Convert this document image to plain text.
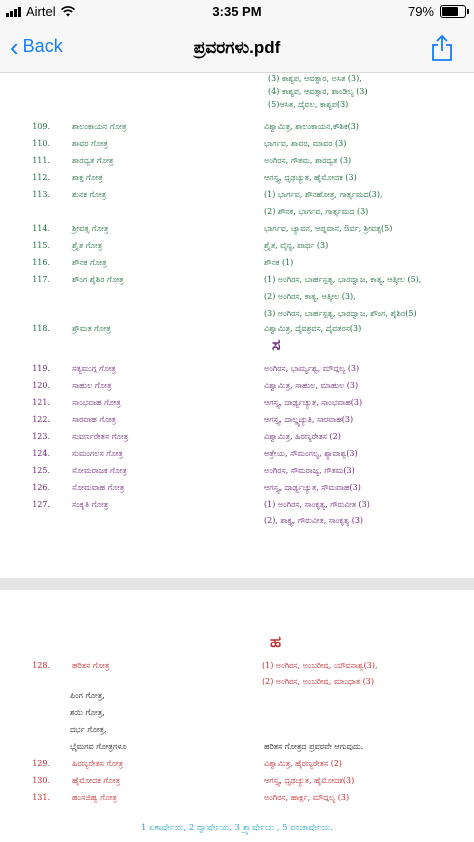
Airtel	3:35 PM	79%
‹ Back	ಪ್ರವರಗಳು.pdf
(3) ಕಾಶ್ಯಪ, ಆವತ್ಸಾರ, ಅಸಿತ (3),
(4) ಕಾಶ್ಯಪ, ಆವತ್ಸಾರ, ಶಾಂಡಿಲ್ಯ (3)
(5)ಆಸಿತ, ದೈವಲ, ಕಾಶ್ಯಪ(3)
109.	ಶಾಲಂಕಾಯನ ಗೋತ್ರ	ವಿಶ್ವಾಮಿತ್ರ, ಶಾಲಂಕಾಯನ,ಕೌಶಿಕ(3)
110.	ಶಾವರ ಗೋತ್ರ	ಭಾರ್ಗವ, ಶಾವರ, ಮಾವರ (3)
111.	ಶಾರದ್ವತ ಗೋತ್ರ	ಅಂಗಿರಸ, ಗೌತಮ, ಶಾರದ್ವತ (3)
112.	ಶಾಕ್ತ ಗೋತ್ರ	ಆಗಸ್ತ್ಯ, ಧೃಢಚ್ಯುತ, ಹೈಮೋದಕ (3)
113.	ಶುನಕ ಗೋತ್ರ	(1) ಭಾರ್ಗವ, ಶೌನಹೋತ್ರ, ಗಾರ್ತ್ಸಮದ(3),
(2) ಶೌನಕ, ಭಾರ್ಗವ, ಗಾರ್ತ್ಸಮದ (3)
114.	ಶ್ರೀವತ್ಸ ಗೋತ್ರ	ಭಾರ್ಗವ, ಚ್ಯಾವನ, ಆಪ್ನವಾನ, ಔರ್ವ, ಶ್ರೀವತ್ಸ(5)
115.	ಶ್ರೈತ ಗೋತ್ರ	ಶ್ರೈತ, ವೈನ್ಯ, ಪಾರ್ಥ (3)
116.	ಶೌನಕ ಗೋತ್ರ	ಶೌನಕ (1)
117.	ಶೌಂಗ ಶೈಶಿರ ಗೋತ್ರ	(1) ಅಂಗಿರಸ, ಬಾರ್ಹಸ್ಪತ್ಯ, ಭಾರದ್ವಾಜ, ಕಾತ್ಯ, ಆತ್ಕೀಲ (5),
(2) ಅಂಗಿರಸ, ಕಾತ್ಯ, ಆತ್ಕೀಲ (3),
(3) ಅಂಗಿರಸ, ಬಾರ್ಹಸ್ಪತ್ಯ, ಭಾರದ್ವಾಜ, ಶೌಂಗ, ಶೈಶಿರ(5)
118.	ಶ್ರೌಮತ ಗೋತ್ರ	ವಿಶ್ವಾಮಿತ್ರ, ದೈವಶ್ರವಸ, ದೈವತರಸ(3)
ಸ
119.	ಸತ್ಯಮುಗ್ಗ ಗೋತ್ರ	ಅಂಗಿರಸ, ಭಾರ್ಮ್ಯಶ್ವ, ಮೌದ್ಗಲ್ಯ (3)
120.	ಸಾಹುಲ ಗೋತ್ರ	ವಿಶ್ವಾಮಿತ್ರ, ಸಾಹುಲ, ಮಾಹುಲ (3)
121.	ಸಾಂಭವಾಹ ಗೋತ್ರ	ಆಗಸ್ತ್ಯ, ದಾರ್ಢ್ಯಚ್ಯುತ, ಸಾಂಭವಾಹ(3)
122.	ಸಾರವಾಹ ಗೋತ್ರ	ಆಗಸ್ತ್ಯ, ದಾಲ್ಡ್ಯಚ್ಯುತಿ, ಸಾರವಾಹ(3)
123.	ಸುವರ್ಣರೇತಸ ಗೋತ್ರ	ವಿಶ್ವಾಮಿತ್ರ, ಹಿರಣ್ಯರೇತಸ (2)
124.	ಸುಮಂಗಲಸ ಗೋತ್ರ	ಆತ್ರೇಯ, ಸೌಮಂಗಲ್ಯ, ಶ್ಯಾವಾಶ್ವ(3)
125.	ಸೋಮರಾಜಕ ಗೋತ್ರ	ಅಂಗಿರಸ, ಸೌಮರಾಜ್ಯ, ಗೌತಮ(3)
126.	ಸೋಮವಾಹ ಗೋತ್ರ	ಆಗಸ್ತ್ಯ, ದಾರ್ಢ್ಯಚ್ಯುತ, ಸೌಮವಾಹ(3)
127.	ಸಂಕೃತಿ ಗೋತ್ರ	(1) ಅಂಗಿರಸ, ಸಾಂಕೃತ್ಯ, ಗೌರುವೀತ (3)
(2), ಶಾಕ್ತ್ಯ, ಗೌರುವೀತ, ಸಾಂಕೃತ್ಯ (3)
ಹ
128.	ಹರಿತಸ ಗೋತ್ರ	(1) ಅಂಗಿರಸ, ಅಂಬರೀಷ, ಯೌವನಾಶ್ವ(3),
(2) ಅಂಗಿರಸ, ಅಂಬರೀಷ, ಮಾಂಧಾತ (3)
ಪಿಂಗ ಗೋತ್ರ,
ಶಯಿ ಗೋತ್ರ,
ದರ್ಭ ಗೋತ್ರ,
ಭೈಮಗವ ಗೋತ್ರಗಳೂ	ಹರಿತಸ ಗೋತ್ರದ ಪ್ರವರವೇ ಆಗುವುದು.
129.	ಹಿರಣ್ಯರೇತಸ ಗೋತ್ರ	ವಿಶ್ವಾಮಿತ್ರ, ಹೈರಣ್ಯರೇತಸ (2)
130.	ಹೈಮೋದಕ ಗೋತ್ರ	ಆಗಸ್ತ್ಯ, ಧೃಢಚ್ಯುತ, ಹೈಮೋದಕ(3)
131.	ಹಂಸಜಿಹ್ವ ಗೋತ್ರ	ಅಂಗಿರಸ, ಹಾರ್ಕ್ಷ, ಮೌದ್ಗಲ್ಯ (3)
1 ಏಕಾರ್ಷೇಯ, 2 ದ್ವಾರ್ಷೇಯ, 3 ತ್ರ್ಯಾರ್ಷೇಯ , 5 ಪಂಚಾರ್ಷೇಯ.
